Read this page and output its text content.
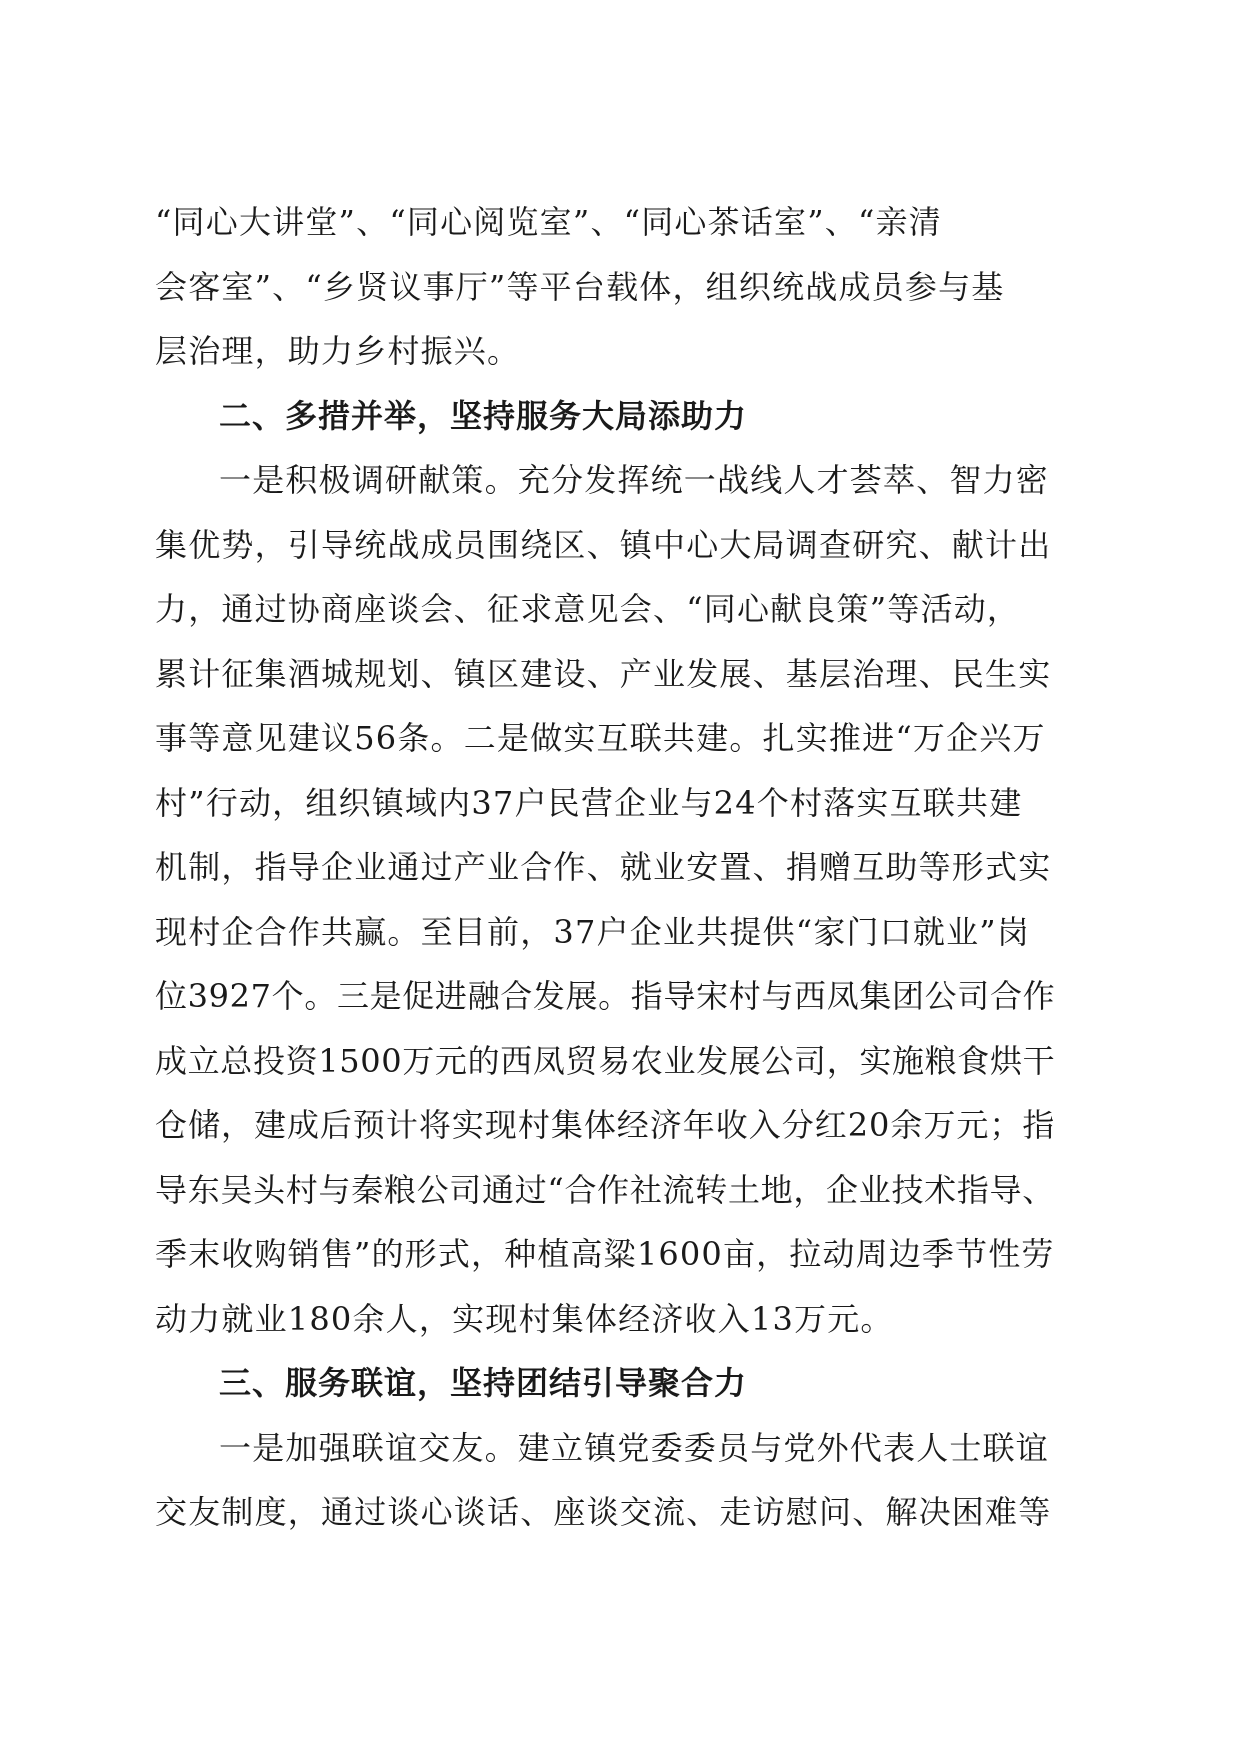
“同心大讲堂”、“同心阅览室”、“同心茶话室”、“亲清
会客室”、“乡贤议事厅”等平台载体，组织统战成员参与基
层治理，助力乡村振兴。
二、多措并举，坚持服务大局添助力
一是积极调研献策。充分发挥统一战线人才荟萃、智力密
集优势，引导统战成员围绕区、镇中心大局调查研究、献计出
力，通过协商座谈会、征求意见会、“同心献良策”等活动，
累计征集酒城规划、镇区建设、产业发展、基层治理、民生实
事等意见建议56条。二是做实互联共建。扎实推进“万企兴万
村”行动，组织镇域内37户民营企业与24个村落实互联共建
机制，指导企业通过产业合作、就业安置、捐赠互助等形式实
现村企合作共赢。至目前，37户企业共提供“家门口就业”岗
位3927个。三是促进融合发展。指导宋村与西凤集团公司合作
成立总投资1500万元的西凤贸易农业发展公司，实施粮食烘干
仓储，建成后预计将实现村集体经济年收入分红20余万元；指
导东吴头村与秦粮公司通过“合作社流转土地，企业技术指导、
季末收购销售”的形式，种植高粱1600亩，拉动周边季节性劳
动力就业180余人，实现村集体经济收入13万元。
三、服务联谊，坚持团结引导聚合力
一是加强联谊交友。建立镇党委委员与党外代表人士联谊
交友制度，通过谈心谈话、座谈交流、走访慰问、解决困难等
